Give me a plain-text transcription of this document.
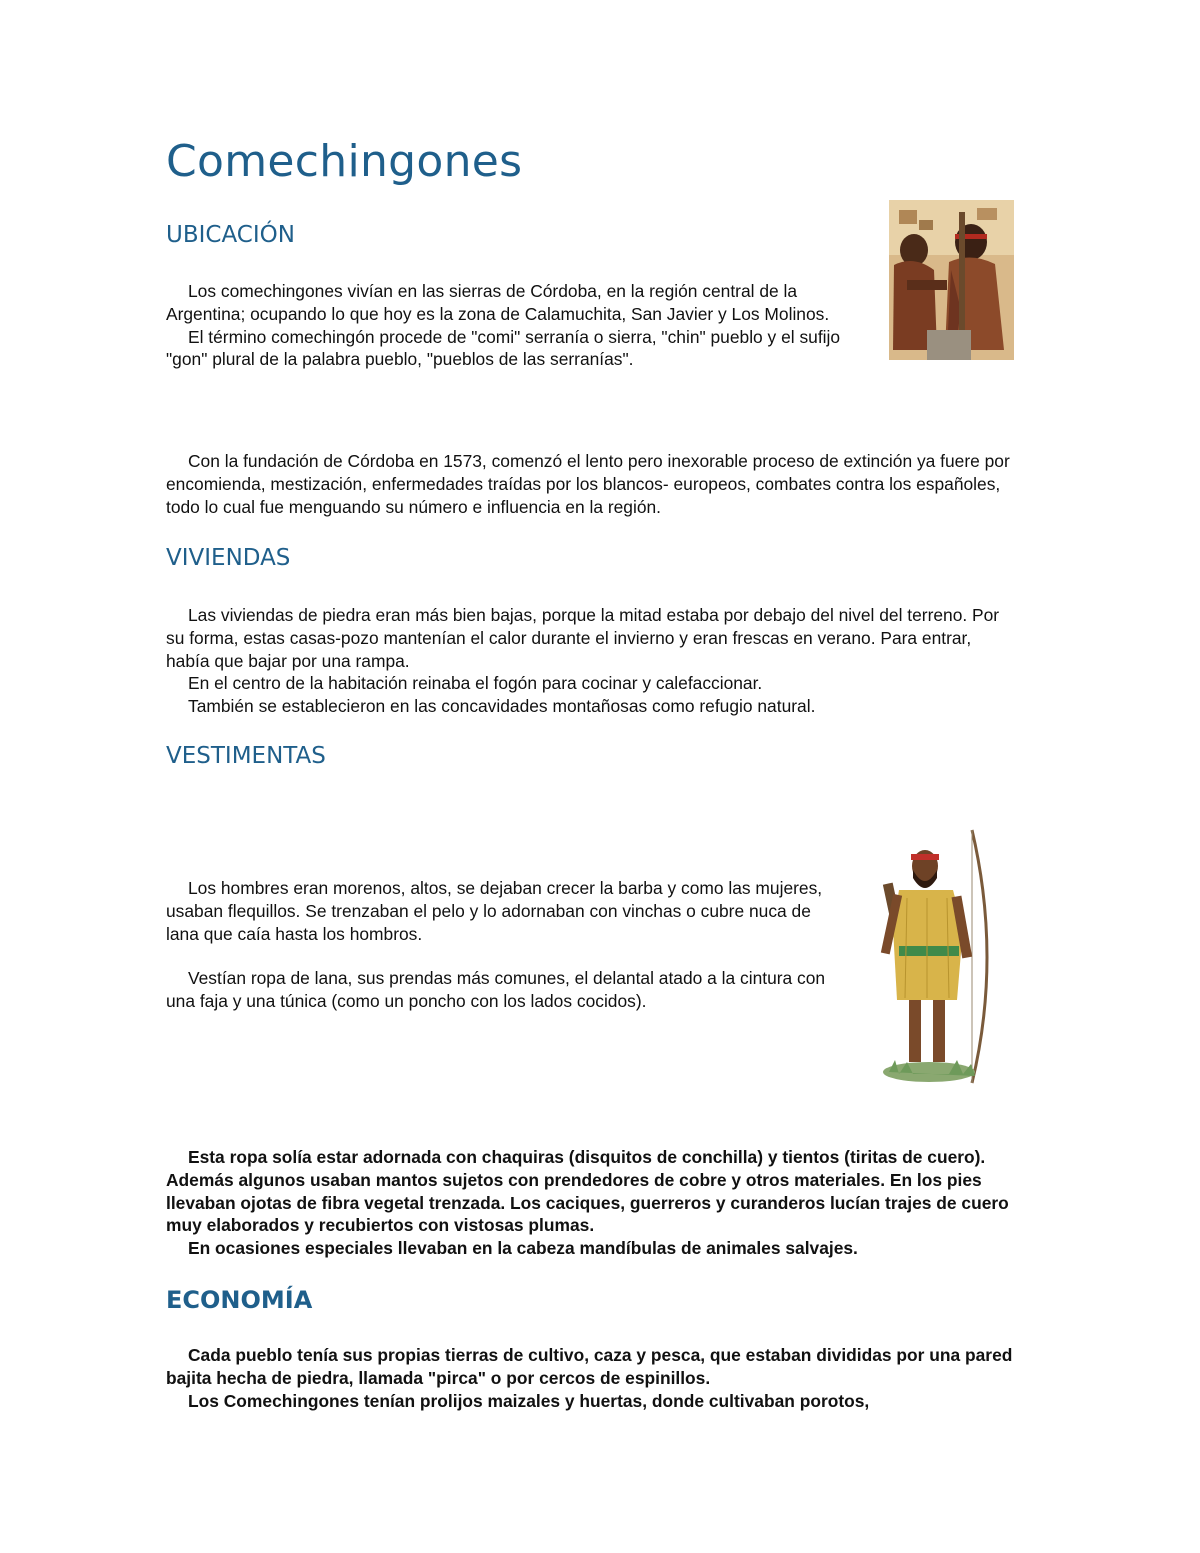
Comechingones
UBICACIÓN
Los comechingones vivían en las sierras de Córdoba, en la región central de la Argentina; ocupando lo que hoy es la zona de Calamuchita, San Javier y Los Molinos.
El término comechingón procede de "comi" serranía o sierra, "chin" pueblo y el sufijo "gon" plural de la palabra pueblo, "pueblos de las serranías".
Con la fundación de Córdoba en 1573, comenzó el lento pero inexorable proceso de extinción ya fuere por encomienda, mestización, enfermedades traídas por los blancos- europeos, combates contra los españoles, todo lo cual fue menguando su número e influencia en la región.
VIVIENDAS
Las viviendas de piedra eran más bien bajas, porque la mitad estaba por debajo del nivel del terreno. Por su forma, estas casas-pozo mantenían el calor durante el invierno y eran frescas en verano. Para entrar, había que bajar por una rampa.
En el centro de la habitación reinaba el fogón para cocinar y calefaccionar.
También se establecieron en las concavidades montañosas como refugio natural.
VESTIMENTAS
Los hombres eran morenos, altos, se dejaban crecer la barba y como las mujeres, usaban flequillos. Se trenzaban el pelo y lo adornaban con vinchas o cubre nuca de lana que caía hasta los hombros.
Vestían ropa de lana, sus prendas más comunes, el delantal atado a la cintura con una faja y una túnica (como un poncho con los lados cocidos).
Esta ropa solía estar adornada con chaquiras (disquitos de conchilla) y tientos (tiritas de cuero). Además algunos usaban mantos sujetos con prendedores de cobre y otros materiales. En los pies llevaban ojotas de fibra vegetal trenzada. Los caciques, guerreros y curanderos lucían trajes de cuero muy elaborados y recubiertos con vistosas plumas.
En ocasiones especiales llevaban en la cabeza mandíbulas de animales salvajes.
ECONOMÍA
Cada pueblo tenía sus propias tierras de cultivo, caza y pesca, que estaban divididas por una pared bajita hecha de piedra, llamada "pirca" o por cercos de espinillos.
Los Comechingones tenían prolijos maizales y huertas, donde cultivaban porotos,
